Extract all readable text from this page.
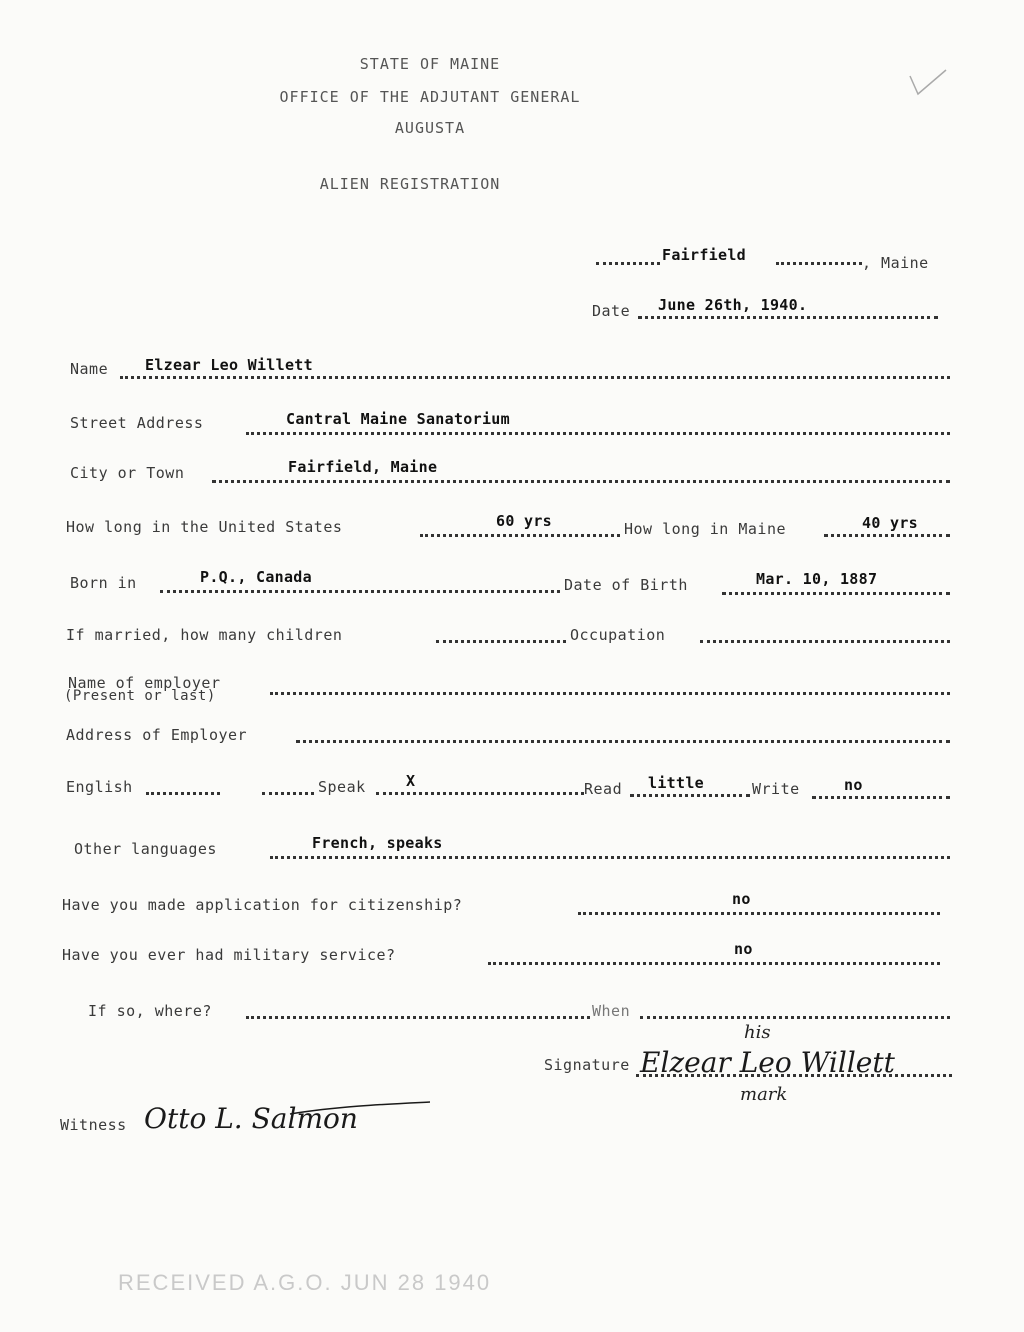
STATE OF MAINE
OFFICE OF THE ADJUTANT GENERAL
AUGUSTA
ALIEN REGISTRATION
Fairfield	, Maine
Date June 26th, 1940.
Name Elzear Leo Willett
Street Address	Cantral Maine Sanatorium
City or Town	Fairfield, Maine
How long in the United States	60 yrs	How long in Maine	40 yrs
Born in	P.Q., Canada	Date of Birth	Mar. 10, 1887
If married, how many children	Occupation
Name of employer
(Present or last)
Address of Employer
English	Speak	X	Read little	Write	no
Other languages	French, speaks
Have you made application for citizenship?	no
Have you ever had military service?	no
If so, where?	When
Signature
his
Elzear Leo Willett
mark
Witness Otto L. Salmon
RECEIVED A.G.O. JUN 28 1940
